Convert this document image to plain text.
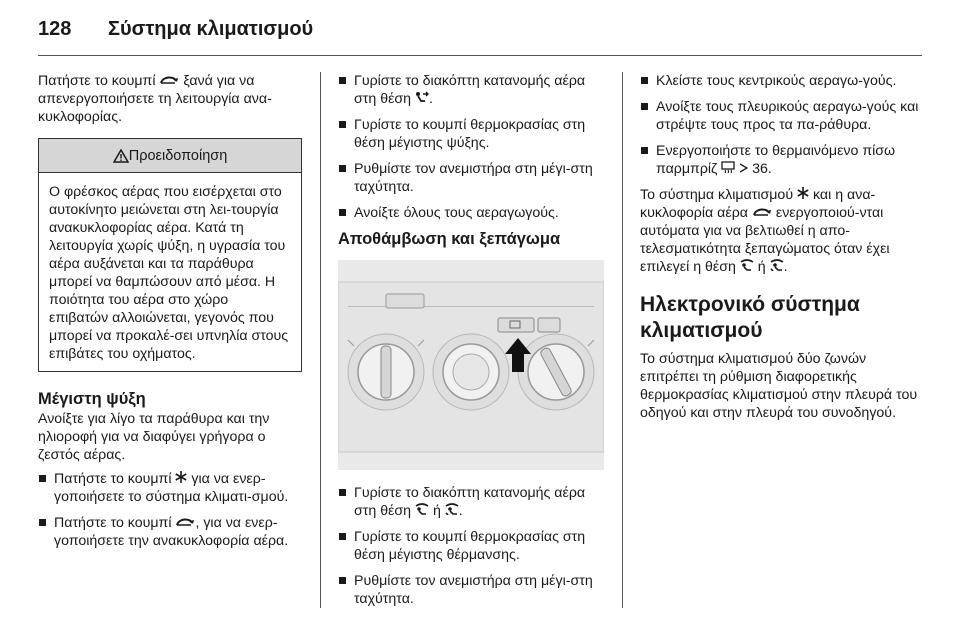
128 Σύστημα κλιματισμού

Πατήστε το κουμπί  ξανά για να απενεργοποιήσετε τη λειτουργία ανα-κυκλοφορίας.

Προειδοποίηση
Ο φρέσκος αέρας που εισέρχεται στο αυτοκίνητο μειώνεται στη λει-τουργία ανακυκλοφορίας αέρα. Κατά τη λειτουργία χωρίς ψύξη, η υγρασία του αέρα αυξάνεται και τα παράθυρα μπορεί να θαμπώσουν από μέσα. Η ποιότητα του αέρα στο χώρο επιβατών αλλοιώνεται, γεγονός που μπορεί να προκαλέ-σει υπνηλία στους επιβάτες του οχήματος.
Μέγιστη ψύξη

Ανοίξτε για λίγο τα παράθυρα και την ηλιοροφή για να διαφύγει γρήγορα ο ζεστός αέρας.

Πατήστε το κουμπί  για να ενερ-γοποιήσετε το σύστημα κλιματι-σμού.
Πατήστε το κουμπί , για να ενερ-γοποιήσετε την ανακυκλοφορία αέρα.
Γυρίστε το διακόπτη κατανομής αέρα στη θέση .
Γυρίστε το κουμπί θερμοκρασίας στη θέση μέγιστης ψύξης.
Ρυθμίστε τον ανεμιστήρα στη μέγι-στη ταχύτητα.
Ανοίξτε όλους τους αεραγωγούς.
Αποθάμβωση και ξεπάγωμα
Γυρίστε το διακόπτη κατανομής αέρα στη θέση  ή .
Γυρίστε το κουμπί θερμοκρασίας στη θέση μέγιστης θέρμανσης.
Ρυθμίστε τον ανεμιστήρα στη μέγι-στη ταχύτητα.
Κλείστε τους κεντρικούς αεραγω-γούς.
Ανοίξτε τους πλευρικούς αεραγω-γούς και στρέψτε τους προς τα πα-ράθυρα.
Ενεργοποιήστε το θερμαινόμενο πίσω παρμπρίζ   36.

Το σύστημα κλιματισμού  και η ανα-κυκλοφορία αέρα  ενεργοποιού-νται αυτόματα για να βελτιωθεί η απο-τελεσματικότητα ξεπαγώματος όταν έχει επιλεγεί η θέση  ή .

Ηλεκτρονικό σύστημα κλιματισμού

Το σύστημα κλιματισμού δύο ζωνών επιτρέπει τη ρύθμιση διαφορετικής θερμοκρασίας κλιματισμού στην πλευρά του οδηγού και στην πλευρά του συνοδηγού.
